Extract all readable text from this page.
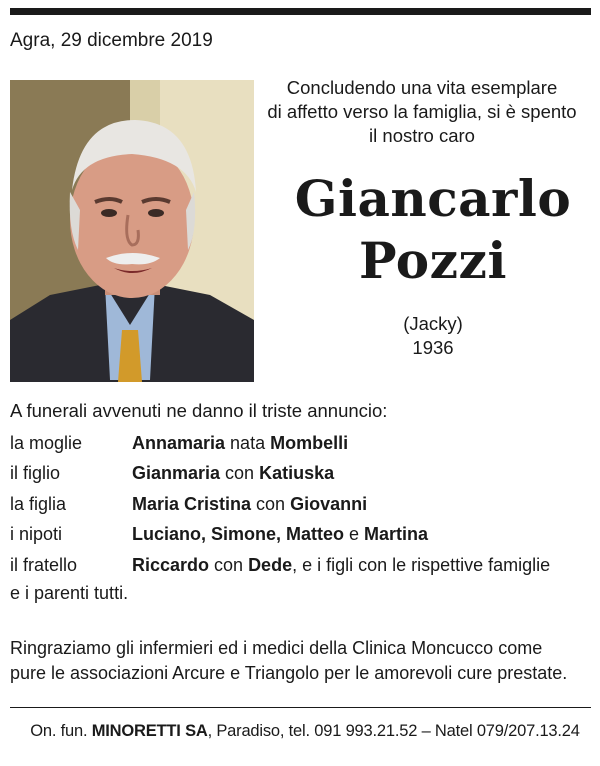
Agra, 29 dicembre 2019
Concludendo una vita esemplare
di affetto verso la famiglia, si è spento
il nostro caro
Giancarlo
Pozzi
(Jacky)
1936
A funerali avvenuti ne danno il triste annuncio:
la moglie	Annamaria nata Mombelli
il figlio	Gianmaria con Katiuska
la figlia	Maria Cristina con Giovanni
i nipoti	Luciano, Simone, Matteo e Martina
il fratello	Riccardo con Dede, e i figli con le rispettive famiglie
e i parenti tutti.
Ringraziamo gli infermieri ed i medici della Clinica Moncucco come
pure le associazioni Arcure e Triangolo per le amorevoli cure prestate.
On. fun. MINORETTI SA, Paradiso, tel. 091 993.21.52 – Natel 079/207.13.24
